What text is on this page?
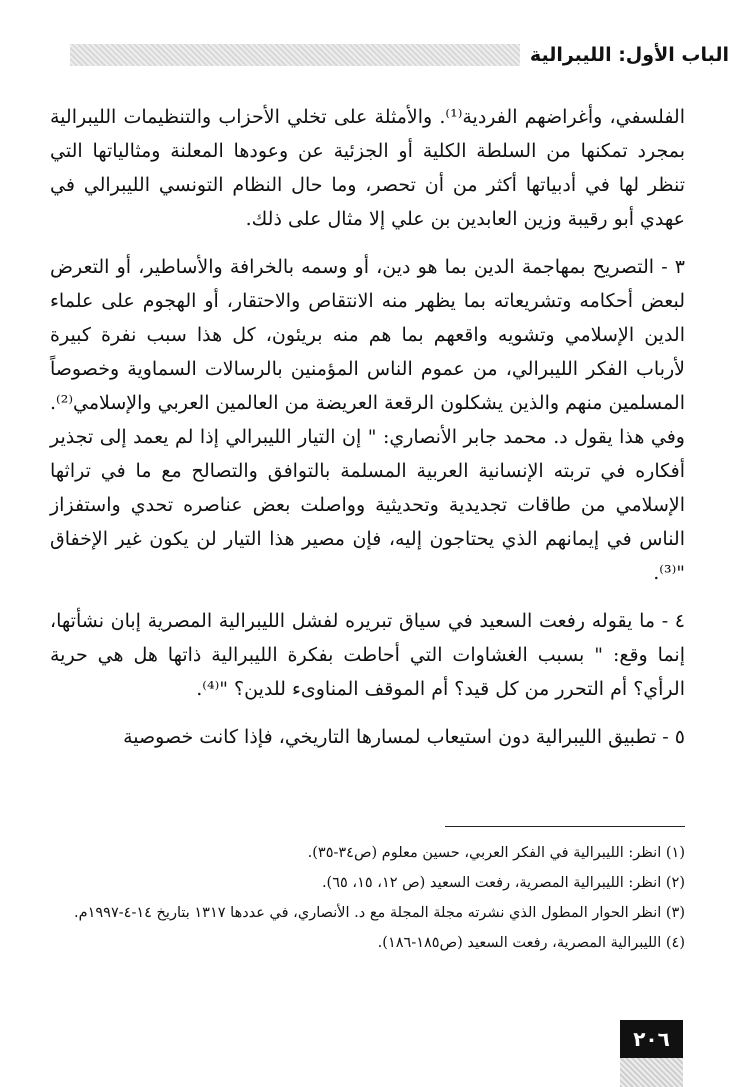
الباب الأول: الليبرالية

الفلسفي، وأغراضهم الفردية⁽¹⁾. والأمثلة على تخلي الأحزاب والتنظيمات الليبرالية بمجرد تمكنها من السلطة الكلية أو الجزئية عن وعودها المعلنة ومثالياتها التي تنظر لها في أدبياتها أكثر من أن تحصر، وما حال النظام التونسي الليبرالي في عهدي أبو رقيبة وزين العابدين بن علي إلا مثال على ذلك.

٣ - التصريح بمهاجمة الدين بما هو دين، أو وسمه بالخرافة والأساطير، أو التعرض لبعض أحكامه وتشريعاته بما يظهر منه الانتقاص والاحتقار، أو الهجوم على علماء الدين الإسلامي وتشويه واقعهم بما هم منه بريئون، كل هذا سبب نفرة كبيرة لأرباب الفكر الليبرالي، من عموم الناس المؤمنين بالرسالات السماوية وخصوصاً المسلمين منهم والذين يشكلون الرقعة العريضة من العالمين العربي والإسلامي⁽²⁾. وفي هذا يقول د. محمد جابر الأنصاري: " إن التيار الليبرالي إذا لم يعمد إلى تجذير أفكاره في تربته الإنسانية العربية المسلمة بالتوافق والتصالح مع ما في تراثها الإسلامي من طاقات تجديدية وتحديثية وواصلت بعض عناصره تحدي واستفزاز الناس في إيمانهم الذي يحتاجون إليه، فإن مصير هذا التيار لن يكون غير الإخفاق "⁽³⁾.

٤ - ما يقوله رفعت السعيد في سياق تبريره لفشل الليبرالية المصرية إبان نشأتها، إنما وقع: " بسبب الغشاوات التي أحاطت بفكرة الليبرالية ذاتها هل هي حرية الرأي؟ أم التحرر من كل قيد؟ أم الموقف المناوىء للدين؟ "⁽⁴⁾.

٥ - تطبيق الليبرالية دون استيعاب لمسارها التاريخي، فإذا كانت خصوصية

(١) انظر: الليبرالية في الفكر العربي، حسين معلوم (ص٣٤-٣٥).

(٢) انظر: الليبرالية المصرية، رفعت السعيد (ص ١٢، ١٥، ٦٥).

(٣) انظر الحوار المطول الذي نشرته مجلة المجلة مع د. الأنصاري، في عددها ١٣١٧ بتاريخ ١٤-٤-١٩٩٧م.

(٤) الليبرالية المصرية، رفعت السعيد (ص١٨٥-١٨٦).

٢٠٦
